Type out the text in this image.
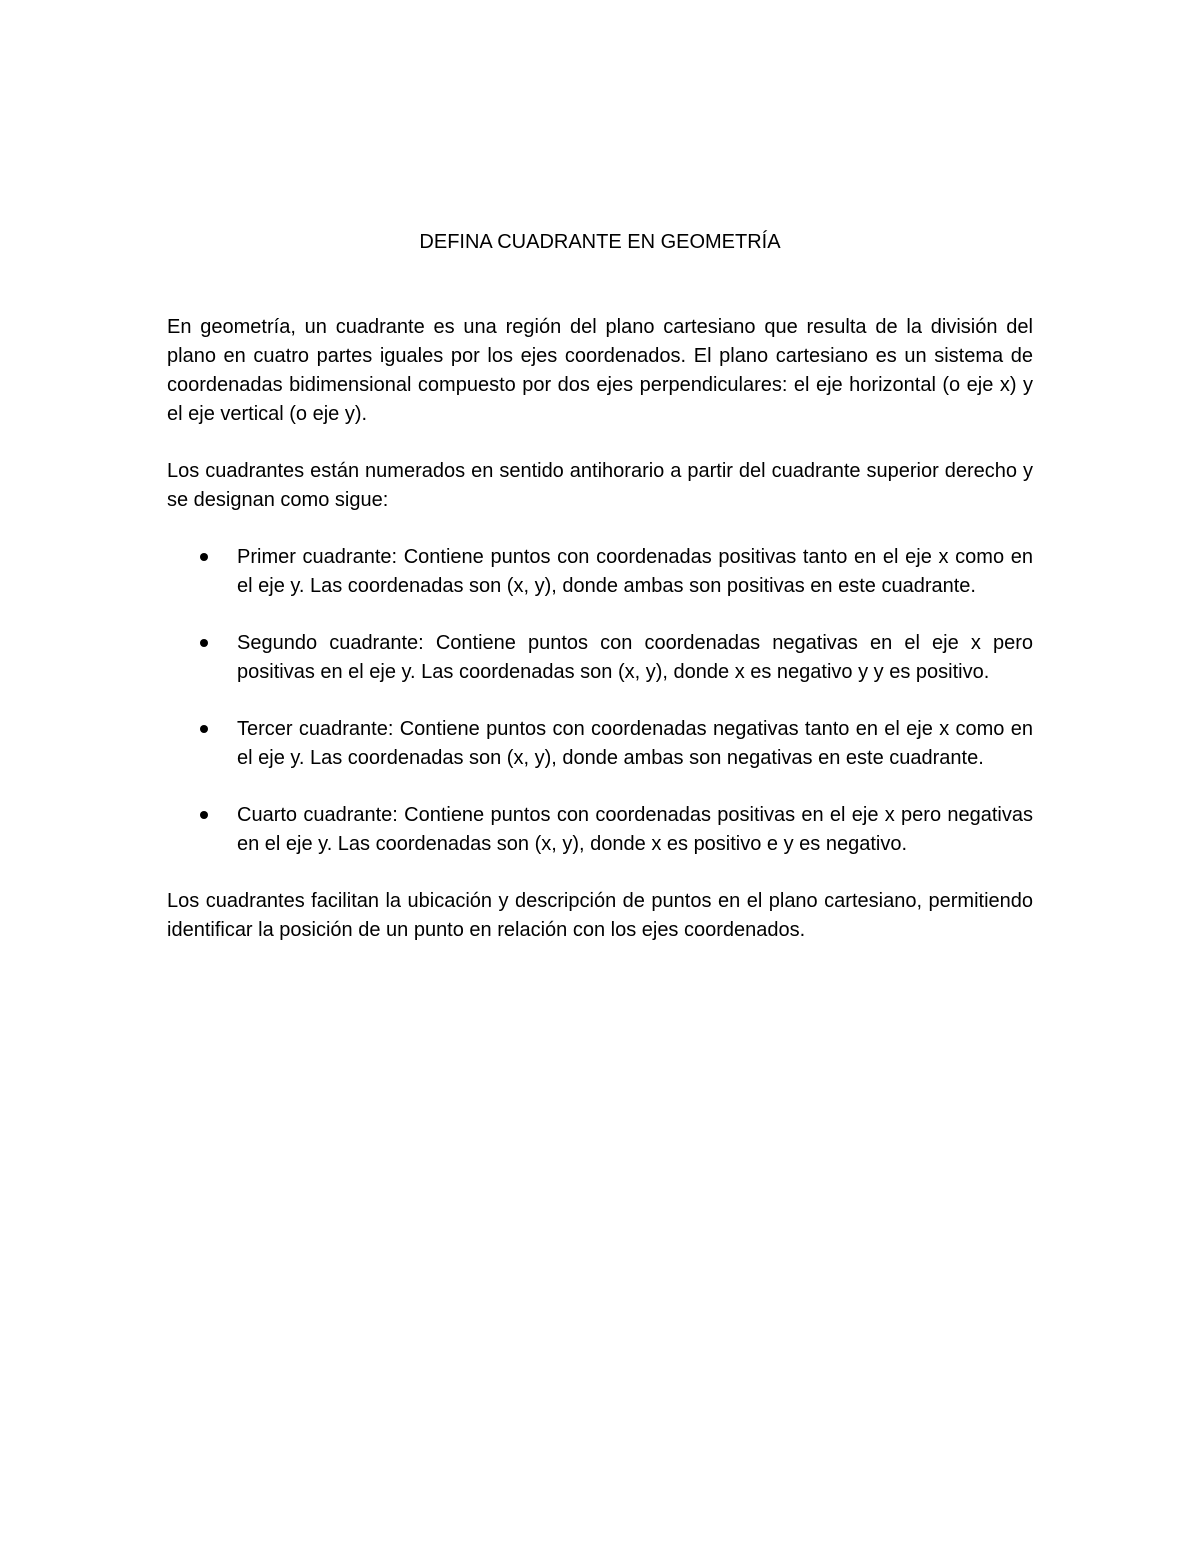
DEFINA CUADRANTE EN GEOMETRÍA

En geometría, un cuadrante es una región del plano cartesiano que resulta de la división del plano en cuatro partes iguales por los ejes coordenados. El plano cartesiano es un sistema de coordenadas bidimensional compuesto por dos ejes perpendiculares: el eje horizontal (o eje x) y el eje vertical (o eje y).

Los cuadrantes están numerados en sentido antihorario a partir del cuadrante superior derecho y se designan como sigue:

Primer cuadrante: Contiene puntos con coordenadas positivas tanto en el eje x como en el eje y. Las coordenadas son (x, y), donde ambas son positivas en este cuadrante.
Segundo cuadrante: Contiene puntos con coordenadas negativas en el eje x pero positivas en el eje y. Las coordenadas son (x, y), donde x es negativo y y es positivo.
Tercer cuadrante: Contiene puntos con coordenadas negativas tanto en el eje x como en el eje y. Las coordenadas son (x, y), donde ambas son negativas en este cuadrante.
Cuarto cuadrante: Contiene puntos con coordenadas positivas en el eje x pero negativas en el eje y. Las coordenadas son (x, y), donde x es positivo e y es negativo.

Los cuadrantes facilitan la ubicación y descripción de puntos en el plano cartesiano, permitiendo identificar la posición de un punto en relación con los ejes coordenados.
